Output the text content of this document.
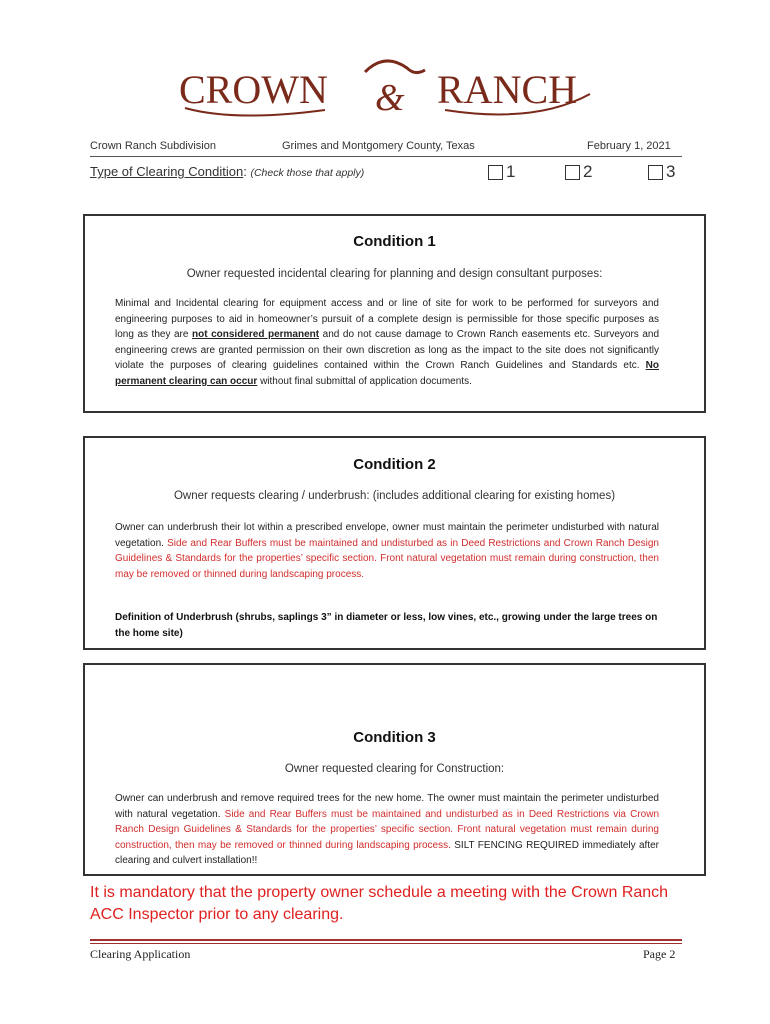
CROWN & RANCH
Crown Ranch Subdivision	Grimes and Montgomery County, Texas	February 1, 2021
Type of Clearing Condition: (Check those that apply)	1	2	3
Condition 1
Owner requested incidental clearing for planning and design consultant purposes:
Minimal and Incidental clearing for equipment access and or line of site for work to be performed for surveyors and engineering purposes to aid in homeowner’s pursuit of a complete design is permissible for those specific purposes as long as they are not considered permanent and do not cause damage to Crown Ranch easements etc. Surveyors and engineering crews are granted permission on their own discretion as long as the impact to the site does not significantly violate the purposes of clearing guidelines contained within the Crown Ranch Guidelines and Standards etc. No permanent clearing can occur without final submittal of application documents.
Condition 2
Owner requests clearing / underbrush: (includes additional clearing for existing homes)
Owner can underbrush their lot within a prescribed envelope, owner must maintain the perimeter undisturbed with natural vegetation. Side and Rear Buffers must be maintained and undisturbed as in Deed Restrictions and Crown Ranch Design Guidelines & Standards for the properties’ specific section. Front natural vegetation must remain during construction, then may be removed or thinned during landscaping process.
Definition of Underbrush (shrubs, saplings 3” in diameter or less, low vines, etc., growing under the large trees on the home site)
Condition 3
Owner requested clearing for Construction:
Owner can underbrush and remove required trees for the new home. The owner must maintain the perimeter undisturbed with natural vegetation. Side and Rear Buffers must be maintained and undisturbed as in Deed Restrictions via Crown Ranch Design Guidelines & Standards for the properties’ specific section. Front natural vegetation must remain during construction, then may be removed or thinned during landscaping process. SILT FENCING REQUIRED immediately after clearing and culvert installation!!
It is mandatory that the property owner schedule a meeting with the Crown Ranch ACC Inspector prior to any clearing.
Clearing Application	Page 2
